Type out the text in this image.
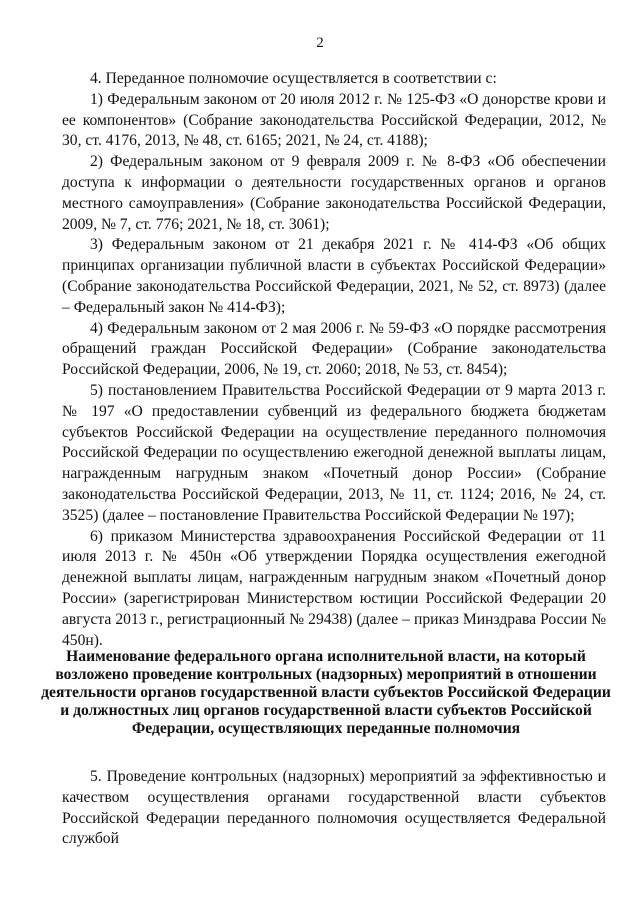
2

4. Переданное полномочие осуществляется в соответствии с:

1) Федеральным законом от 20 июля 2012 г. № 125-ФЗ «О донорстве крови и ее компонентов» (Собрание законодательства Российской Федерации, 2012, № 30, ст. 4176, 2013, № 48, ст. 6165; 2021, № 24, ст. 4188);

2) Федеральным законом от 9 февраля 2009 г. № 8-ФЗ «Об обеспечении доступа к информации о деятельности государственных органов и органов местного самоуправления» (Собрание законодательства Российской Федерации, 2009, № 7, ст. 776; 2021, № 18, ст. 3061);

3) Федеральным законом от 21 декабря 2021 г. № 414-ФЗ «Об общих принципах организации публичной власти в субъектах Российской Федерации» (Собрание законодательства Российской Федерации, 2021, № 52, ст. 8973) (далее – Федеральный закон № 414-ФЗ);

4) Федеральным законом от 2 мая 2006 г. № 59-ФЗ «О порядке рассмотрения обращений граждан Российской Федерации» (Собрание законодательства Российской Федерации, 2006, № 19, ст. 2060; 2018, № 53, ст. 8454);

5) постановлением Правительства Российской Федерации от 9 марта 2013 г. № 197 «О предоставлении субвенций из федерального бюджета бюджетам субъектов Российской Федерации на осуществление переданного полномочия Российской Федерации по осуществлению ежегодной денежной выплаты лицам, награжденным нагрудным знаком «Почетный донор России» (Собрание законодательства Российской Федерации, 2013, № 11, ст. 1124; 2016, № 24, ст. 3525) (далее – постановление Правительства Российской Федерации № 197);

6) приказом Министерства здравоохранения Российской Федерации от 11 июля 2013 г. № 450н «Об утверждении Порядка осуществления ежегодной денежной выплаты лицам, награжденным нагрудным знаком «Почетный донор России» (зарегистрирован Министерством юстиции Российской Федерации 20 августа 2013 г., регистрационный № 29438) (далее – приказ Минздрава России № 450н).

Наименование федерального органа исполнительной власти, на который возложено проведение контрольных (надзорных) мероприятий в отношении деятельности органов государственной власти субъектов Российской Федерации и должностных лиц органов государственной власти субъектов Российской Федерации, осуществляющих переданные полномочия

5. Проведение контрольных (надзорных) мероприятий за эффективностью и качеством осуществления органами государственной власти субъектов Российской Федерации переданного полномочия осуществляется Федеральной службой
